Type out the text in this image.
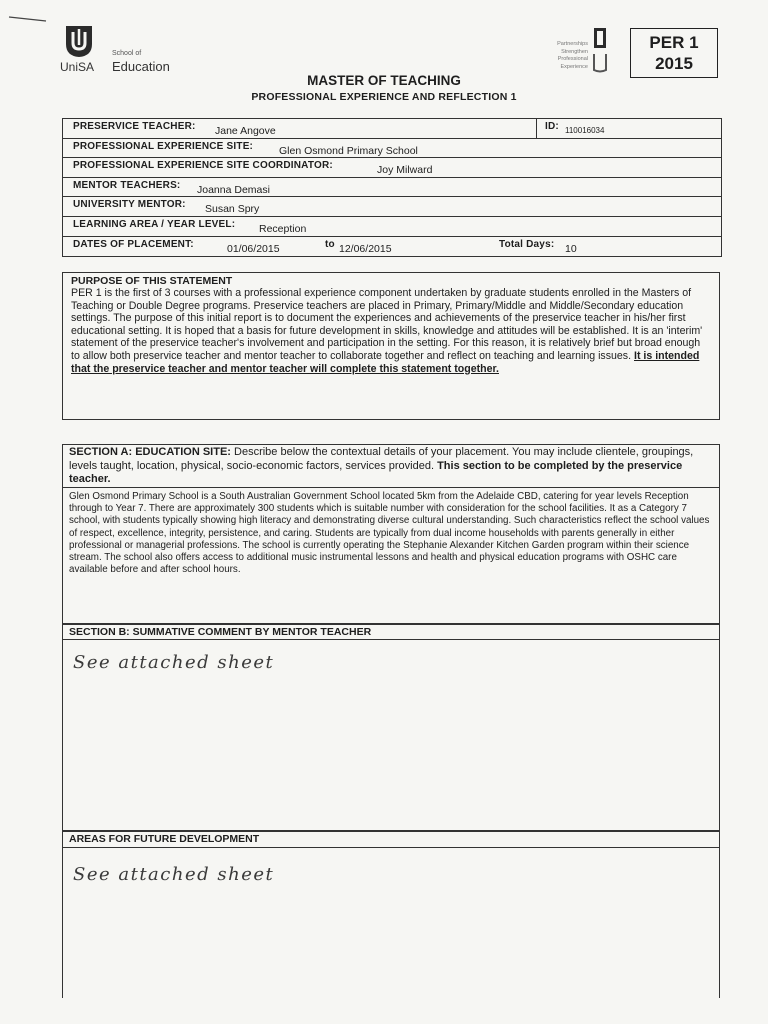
UniSA
School of
Education
Partnerships
Strengthen
Professional
Experience
PER 1
2015
MASTER OF TEACHING
PROFESSIONAL EXPERIENCE AND REFLECTION 1
PRESERVICE TEACHER: Jane Angove	ID: 110016034
PROFESSIONAL EXPERIENCE SITE: Glen Osmond Primary School
PROFESSIONAL EXPERIENCE SITE COORDINATOR:	Joy Milward
MENTOR TEACHERS: Joanna Demasi
UNIVERSITY MENTOR: Susan Spry
LEARNING AREA / YEAR LEVEL: Reception
DATES OF PLACEMENT:	01/06/2015	to 12/06/2015	Total Days: 10
PURPOSE OF THIS STATEMENT
PER 1 is the first of 3 courses with a professional experience component undertaken by graduate students enrolled in the Masters of Teaching or Double Degree programs. Preservice teachers are placed in Primary, Primary/Middle and Middle/Secondary education settings. The purpose of this initial report is to document the experiences and achievements of the preservice teacher in his/her first educational setting. It is hoped that a basis for future development in skills, knowledge and attitudes will be established. It is an 'interim' statement of the preservice teacher's involvement and participation in the setting. For this reason, it is relatively brief but broad enough to allow both preservice teacher and mentor teacher to collaborate together and reflect on teaching and learning issues. It is intended that the preservice teacher and mentor teacher will complete this statement together.
SECTION A: EDUCATION SITE: Describe below the contextual details of your placement. You may include clientele, groupings, levels taught, location, physical, socio-economic factors, services provided. This section to be completed by the preservice teacher.
Glen Osmond Primary School is a South Australian Government School located 5km from the Adelaide CBD, catering for year levels Reception through to Year 7. There are approximately 300 students which is suitable number with consideration for the school facilities. It as a Category 7 school, with students typically showing high literacy and demonstrating diverse cultural understanding. Such characteristics reflect the school values of respect, excellence, integrity, persistence, and caring. Students are typically from dual income households with parents generally in either professional or managerial professions. The school is currently operating the Stephanie Alexander Kitchen Garden program within their science stream. The school also offers access to additional music instrumental lessons and health and physical education programs with OSHC care available before and after school hours.
SECTION B: SUMMATIVE COMMENT BY MENTOR TEACHER
See attached sheet
AREAS FOR FUTURE DEVELOPMENT
See attached sheet
